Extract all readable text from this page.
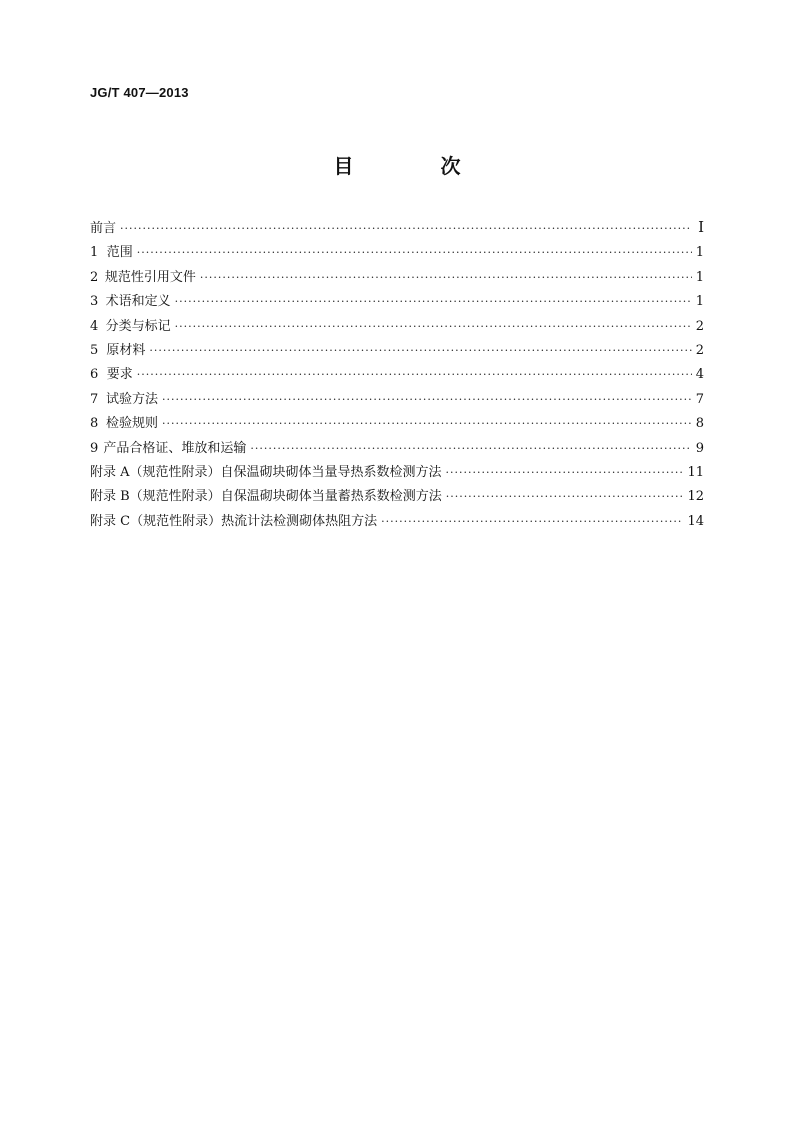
JG/T 407—2013
目 次
前言 ·····	I
1 范围 ·····	1
2 规范性引用文件 ·····	1
3 术语和定义 ·····	1
4 分类与标记 ·····	2
5 原材料 ·····	2
6 要求 ·····	4
7 试验方法 ·····	7
8 检验规则 ·····	8
9 产品合格证、堆放和运输 ·····	9
附录 A（规范性附录） 自保温砌块砌体当量导热系数检测方法 ·····	11
附录 B（规范性附录） 自保温砌块砌体当量蓄热系数检测方法 ·····	12
附录 C（规范性附录） 热流计法检测砌体热阻方法 ·····	14
